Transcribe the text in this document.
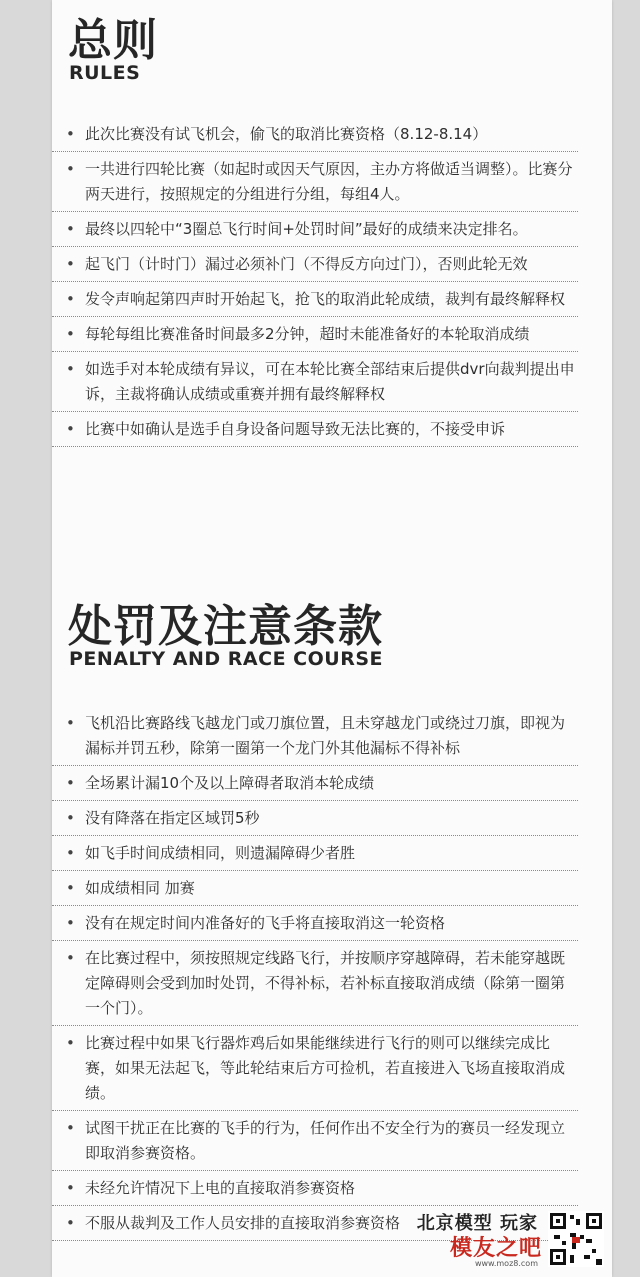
总则
RULES
• 此次比赛没有试飞机会，偷飞的取消比赛资格（8.12-8.14）
• 一共进行四轮比赛（如起时或因天气原因，主办方将做适当调整）。比赛分两天进行，按照规定的分组进行分组，每组4人。
• 最终以四轮中“3圈总飞行时间+处罚时间”最好的成绩来决定排名。
• 起飞门（计时门）漏过必须补门（不得反方向过门），否则此轮无效
• 发令声响起第四声时开始起飞，抢飞的取消此轮成绩，裁判有最终解释权
• 每轮每组比赛准备时间最多2分钟，超时未能准备好的本轮取消成绩
• 如选手对本轮成绩有异议，可在本轮比赛全部结束后提供dvr向裁判提出申诉，主裁将确认成绩或重赛并拥有最终解释权
• 比赛中如确认是选手自身设备问题导致无法比赛的，不接受申诉
处罚及注意条款
PENALTY AND RACE COURSE
• 飞机沿比赛路线飞越龙门或刀旗位置，且未穿越龙门或绕过刀旗，即视为漏标并罚五秒，除第一圈第一个龙门外其他漏标不得补标
• 全场累计漏10个及以上障碍者取消本轮成绩
• 没有降落在指定区域罚5秒
• 如飞手时间成绩相同，则遗漏障碍少者胜
• 如成绩相同 加赛
• 没有在规定时间内准备好的飞手将直接取消这一轮资格
• 在比赛过程中，须按照规定线路飞行，并按顺序穿越障碍，若未能穿越既定障碍则会受到加时处罚，不得补标，若补标直接取消成绩（除第一圈第一个门）。
• 比赛过程中如果飞行器炸鸡后如果能继续进行飞行的则可以继续完成比赛，如果无法起飞，等此轮结束后方可捡机，若直接进入飞场直接取消成绩。
• 试图干扰正在比赛的飞手的行为，任何作出不安全行为的赛员一经发现立即取消参赛资格。
• 未经允许情况下上电的直接取消参赛资格
• 不服从裁判及工作人员安排的直接取消参赛资格 北京模型 玩家
模友之吧
www.moz8.com
